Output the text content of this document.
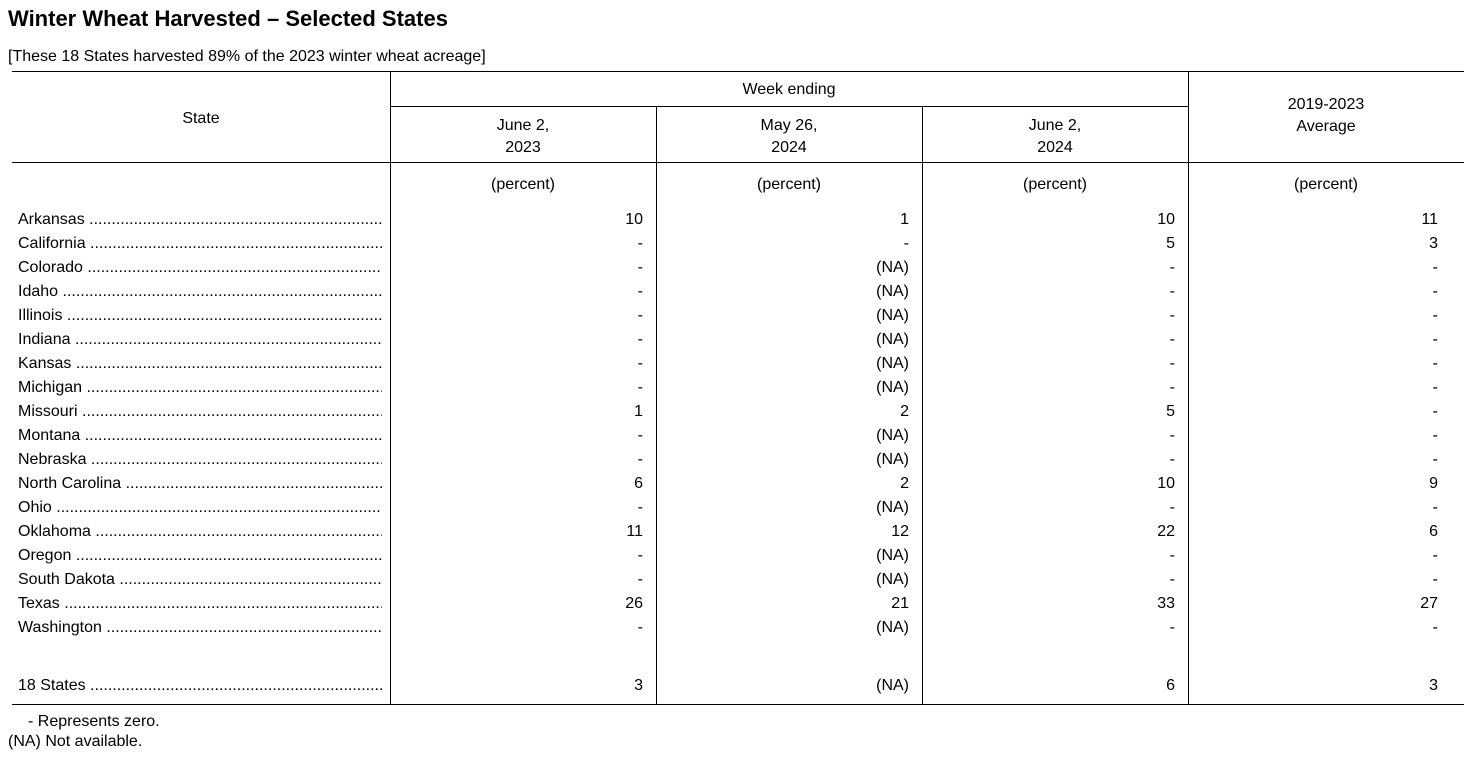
Winter Wheat Harvested – Selected States
[These 18 States harvested 89% of the 2023 winter wheat acreage]
State
Week ending
June 2,
2023
May 26,
2024
June 2,
2024
2019-2023
Average
(percent)	(percent)	(percent)	(percent)
Arkansas .....	10	1	10	11
California .....	-	-	5	3
Colorado .....	-	(NA)	-	-
Idaho .....	-	(NA)	-	-
Illinois .....	-	(NA)	-	-
Indiana .....	-	(NA)	-	-
Kansas .....	-	(NA)	-	-
Michigan .....	-	(NA)	-	-
Missouri .....	1	2	5	-
Montana .....	-	(NA)	-	-
Nebraska .....	-	(NA)	-	-
North Carolina .....	6	2	10	9
Ohio .....	-	(NA)	-	-
Oklahoma .....	11	12	22	6
Oregon .....	-	(NA)	-	-
South Dakota .....	-	(NA)	-	-
Texas .....	26	21	33	27
Washington .....	-	(NA)	-	-
18 States .....	3	(NA)	6	3
- Represents zero.
(NA) Not available.
